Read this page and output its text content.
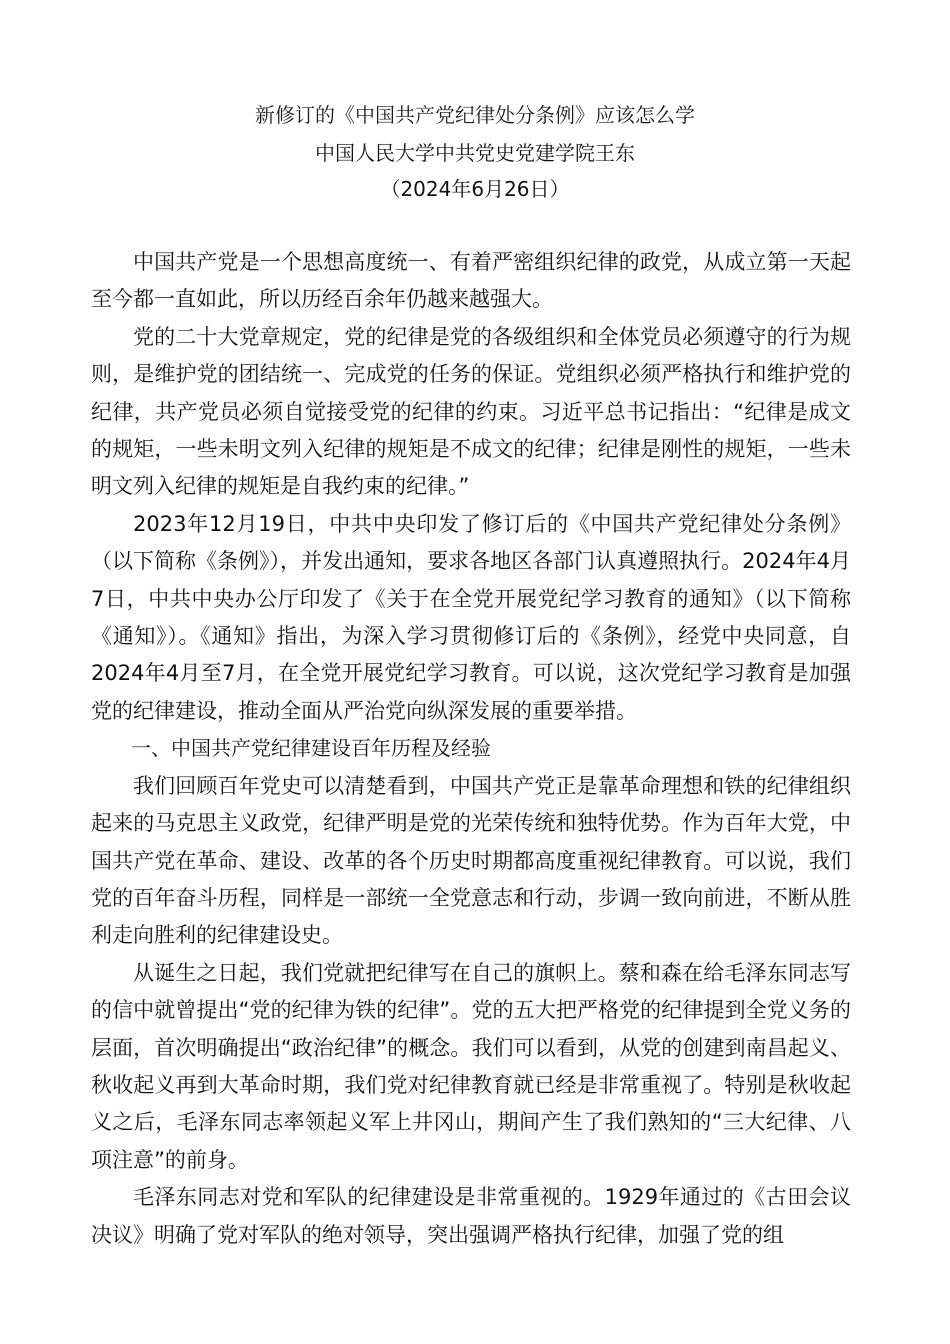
新修订的《中国共产党纪律处分条例》应该怎么学
中国人民大学中共党史党建学院王东
（2024年6月26日）

中国共产党是一个思想高度统一、有着严密组织纪律的政党，从成立第一天起至今都一直如此，所以历经百余年仍越来越强大。

党的二十大党章规定，党的纪律是党的各级组织和全体党员必须遵守的行为规则，是维护党的团结统一、完成党的任务的保证。党组织必须严格执行和维护党的纪律，共产党员必须自觉接受党的纪律的约束。习近平总书记指出：“纪律是成文的规矩，一些未明文列入纪律的规矩是不成文的纪律；纪律是刚性的规矩，一些未明文列入纪律的规矩是自我约束的纪律。”

2023年12月19日，中共中央印发了修订后的《中国共产党纪律处分条例》（以下简称《条例》），并发出通知，要求各地区各部门认真遵照执行。2024年4月7日，中共中央办公厅印发了《关于在全党开展党纪学习教育的通知》（以下简称《通知》）。《通知》指出，为深入学习贯彻修订后的《条例》，经党中央同意，自2024年4月至7月，在全党开展党纪学习教育。可以说，这次党纪学习教育是加强党的纪律建设，推动全面从严治党向纵深发展的重要举措。

一、中国共产党纪律建设百年历程及经验

我们回顾百年党史可以清楚看到，中国共产党正是靠革命理想和铁的纪律组织起来的马克思主义政党，纪律严明是党的光荣传统和独特优势。作为百年大党，中国共产党在革命、建设、改革的各个历史时期都高度重视纪律教育。可以说，我们党的百年奋斗历程，同样是一部统一全党意志和行动，步调一致向前进，不断从胜利走向胜利的纪律建设史。

从诞生之日起，我们党就把纪律写在自己的旗帜上。蔡和森在给毛泽东同志写的信中就曾提出“党的纪律为铁的纪律”。党的五大把严格党的纪律提到全党义务的层面，首次明确提出“政治纪律”的概念。我们可以看到，从党的创建到南昌起义、秋收起义再到大革命时期，我们党对纪律教育就已经是非常重视了。特别是秋收起义之后，毛泽东同志率领起义军上井冈山，期间产生了我们熟知的“三大纪律、八项注意”的前身。

毛泽东同志对党和军队的纪律建设是非常重视的。1929年通过的《古田会议决议》明确了党对军队的绝对领导，突出强调严格执行纪律，加强了党的组
